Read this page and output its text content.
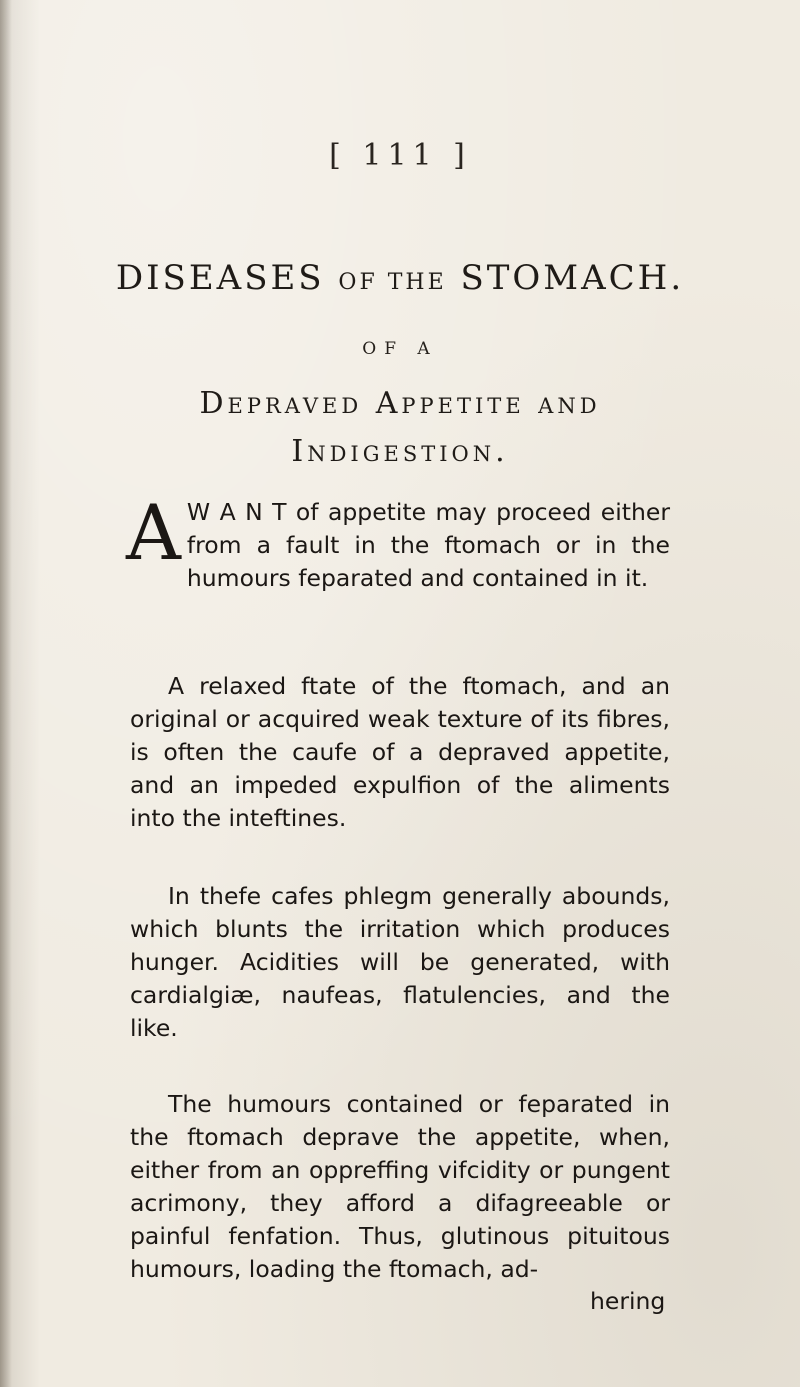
[ 111 ]
DISEASES OF THE STOMACH.
OF A
Depraved Appetite and
Indigestion.
A W A N T of appetite may proceed either from a fault in the ftomach or in the humours feparated and contained in it.
A relaxed ftate of the ftomach, and an original or acquired weak texture of its fibres, is often the caufe of a depraved appetite, and an impeded expulfion of the aliments into the inteftines.
In thefe cafes phlegm generally abounds, which blunts the irritation which produces hunger. Acidities will be generated, with cardialgiæ, naufeas, flatulencies, and the like.
The humours contained or feparated in the ftomach deprave the appetite, when, either from an oppreffing vifcidity or pungent acrimony, they afford a difagreeable or painful fenfation. Thus, glutinous pituitous humours, loading the ftomach, ad-
hering
